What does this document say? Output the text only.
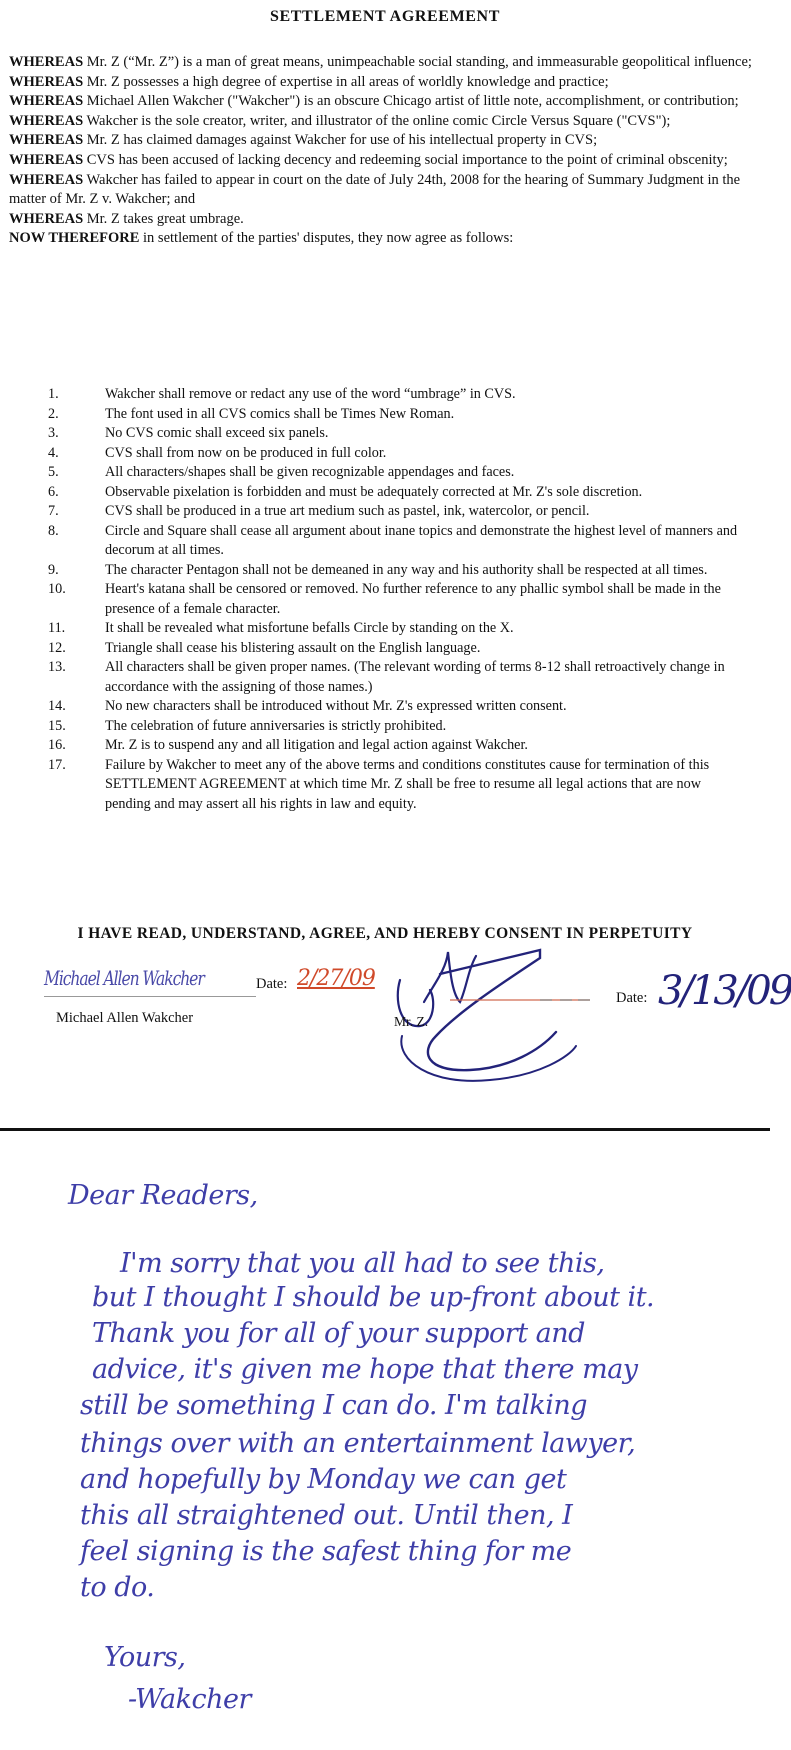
SETTLEMENT AGREEMENT

WHEREAS Mr. Z (“Mr. Z”) is a man of great means, unimpeachable social standing, and immeasurable geopolitical influence;

WHEREAS Mr. Z possesses a high degree of expertise in all areas of worldly knowledge and practice;

WHEREAS Michael Allen Wakcher ("Wakcher") is an obscure Chicago artist of little note, accomplishment, or contribution;

WHEREAS Wakcher is the sole creator, writer, and illustrator of the online comic Circle Versus Square ("CVS");

WHEREAS Mr. Z has claimed damages against Wakcher for use of his intellectual property in CVS;

WHEREAS CVS has been accused of lacking decency and redeeming social importance to the point of criminal obscenity;

WHEREAS Wakcher has failed to appear in court on the date of July 24th, 2008 for the hearing of Summary Judgment in the matter of Mr. Z v. Wakcher; and

WHEREAS Mr. Z takes great umbrage.

NOW THEREFORE in settlement of the parties' disputes, they now agree as follows:

1.	Wakcher shall remove or redact any use of the word “umbrage” in CVS.
2.	The font used in all CVS comics shall be Times New Roman.
3.	No CVS comic shall exceed six panels.
4.	CVS shall from now on be produced in full color.
5.	All characters/shapes shall be given recognizable appendages and faces.
6.	Observable pixelation is forbidden and must be adequately corrected at Mr. Z's sole discretion.
7.	CVS shall be produced in a true art medium such as pastel, ink, watercolor, or pencil.
8.	Circle and Square shall cease all argument about inane topics and demonstrate the highest level of manners and decorum at all times.
9.	The character Pentagon shall not be demeaned in any way and his authority shall be respected at all times.
10.	Heart's katana shall be censored or removed. No further reference to any phallic symbol shall be made in the presence of a female character.
11.	It shall be revealed what misfortune befalls Circle by standing on the X.
12.	Triangle shall cease his blistering assault on the English language.
13.	All characters shall be given proper names. (The relevant wording of terms 8-12 shall retroactively change in accordance with the assigning of those names.)
14.	No new characters shall be introduced without Mr. Z's expressed written consent.
15.	The celebration of future anniversaries is strictly prohibited.
16.	Mr. Z is to suspend any and all litigation and legal action against Wakcher.
17.	Failure by Wakcher to meet any of the above terms and conditions constitutes cause for termination of this SETTLEMENT AGREEMENT at which time Mr. Z shall be free to resume all legal actions that are now pending and may assert all his rights in law and equity.
I HAVE READ, UNDERSTAND, AGREE, AND HEREBY CONSENT IN PERPETUITY
Michael Allen Wakcher	Date: 2/27/09
Michael Allen Wakcher	Mr. Z.
Date: 3/13/09
Dear Readers,
I'm sorry that you all had to see this,
but I thought I should be up-front about it.
Thank you for all of your support and
advice, it's given me hope that there may
still be something I can do. I'm talking
things over with an entertainment lawyer,
and hopefully by Monday we can get
this all straightened out. Until then, I
feel signing is the safest thing for me
to do.
Yours,
-Wakcher
